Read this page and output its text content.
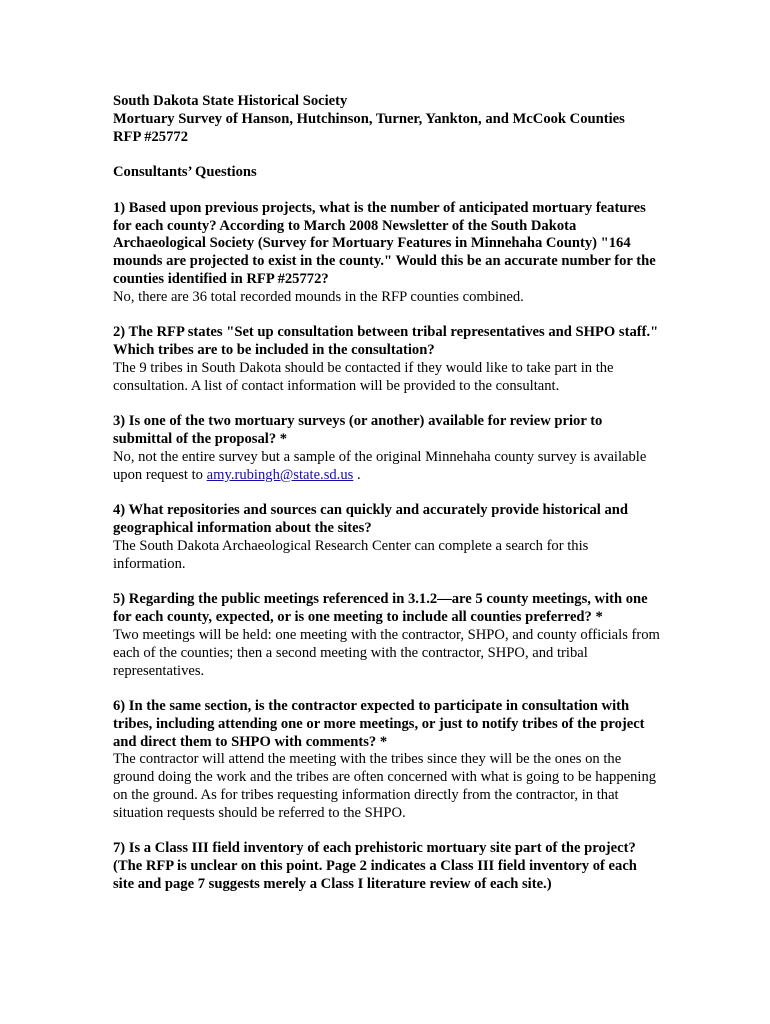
South Dakota State Historical Society

Mortuary Survey of Hanson, Hutchinson, Turner, Yankton, and McCook Counties

RFP #25772

Consultants’ Questions

1) Based upon previous projects, what is the number of anticipated mortuary features for each county? According to March 2008 Newsletter of the South Dakota Archaeological Society (Survey for Mortuary Features in Minnehaha County) "164 mounds are projected to exist in the county." Would this be an accurate number for the counties identified in RFP #25772?

No, there are 36 total recorded mounds in the RFP counties combined.

2) The RFP states "Set up consultation between tribal representatives and SHPO staff." Which tribes are to be included in the consultation?

The 9 tribes in South Dakota should be contacted if they would like to take part in the consultation. A list of contact information will be provided to the consultant.

3) Is one of the two mortuary surveys (or another) available for review prior to submittal of the proposal? *

No, not the entire survey but a sample of the original Minnehaha county survey is available upon request to amy.rubingh@state.sd.us .

4) What repositories and sources can quickly and accurately provide historical and geographical information about the sites?

The South Dakota Archaeological Research Center can complete a search for this information.

5) Regarding the public meetings referenced in 3.1.2—are 5 county meetings, with one for each county, expected, or is one meeting to include all counties preferred? *

Two meetings will be held: one meeting with the contractor, SHPO, and county officials from each of the counties; then a second meeting with the contractor, SHPO, and tribal representatives.

6) In the same section, is the contractor expected to participate in consultation with tribes, including attending one or more meetings, or just to notify tribes of the project and direct them to SHPO with comments? *

The contractor will attend the meeting with the tribes since they will be the ones on the ground doing the work and the tribes are often concerned with what is going to be happening on the ground. As for tribes requesting information directly from the contractor, in that situation requests should be referred to the SHPO.

7) Is a Class III field inventory of each prehistoric mortuary site part of the project? (The RFP is unclear on this point. Page 2 indicates a Class III field inventory of each site and page 7 suggests merely a Class I literature review of each site.)
